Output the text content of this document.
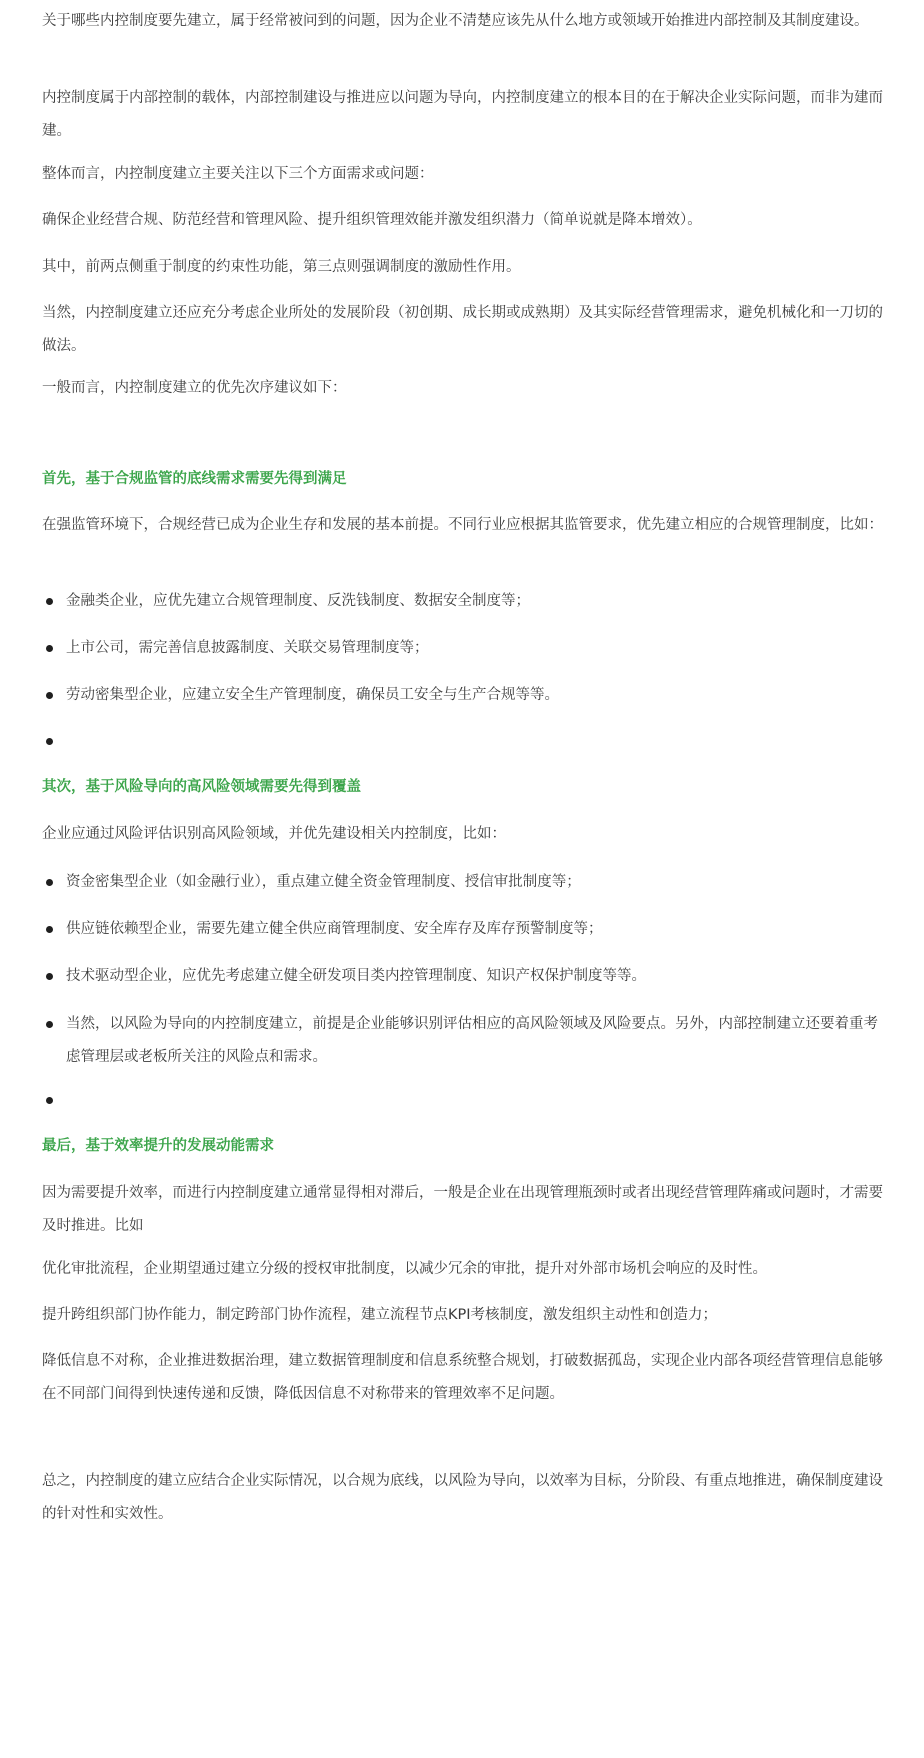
关于哪些内控制度要先建立，属于经常被问到的问题，因为企业不清楚应该先从什么地方或领域开始推进内部控制及其制度建设。

内控制度属于内部控制的载体，内部控制建设与推进应以问题为导向，内控制度建立的根本目的在于解决企业实际问题，而非为建而建。

整体而言，内控制度建立主要关注以下三个方面需求或问题：

确保企业经营合规、防范经营和管理风险、提升组织管理效能并激发组织潜力（简单说就是降本增效）。

其中，前两点侧重于制度的约束性功能，第三点则强调制度的激励性作用。

当然，内控制度建立还应充分考虑企业所处的发展阶段（初创期、成长期或成熟期）及其实际经营管理需求，避免机械化和一刀切的做法。

一般而言，内控制度建立的优先次序建议如下：

首先，基于合规监管的底线需求需要先得到满足

在强监管环境下，合规经营已成为企业生存和发展的基本前提。不同行业应根据其监管要求，优先建立相应的合规管理制度，比如：

金融类企业，应优先建立合规管理制度、反洗钱制度、数据安全制度等；
上市公司，需完善信息披露制度、关联交易管理制度等；
劳动密集型企业，应建立安全生产管理制度，确保员工安全与生产合规等等。

其次，基于风险导向的高风险领域需要先得到覆盖

企业应通过风险评估识别高风险领域，并优先建设相关内控制度，比如：

资金密集型企业（如金融行业），重点建立健全资金管理制度、授信审批制度等；
供应链依赖型企业，需要先建立健全供应商管理制度、安全库存及库存预警制度等；
技术驱动型企业，应优先考虑建立健全研发项目类内控管理制度、知识产权保护制度等等。
当然，以风险为导向的内控制度建立，前提是企业能够识别评估相应的高风险领域及风险要点。另外，内部控制建立还要着重考虑管理层或老板所关注的风险点和需求。

最后，基于效率提升的发展动能需求

因为需要提升效率，而进行内控制度建立通常显得相对滞后，一般是企业在出现管理瓶颈时或者出现经营管理阵痛或问题时，才需要及时推进。比如

优化审批流程，企业期望通过建立分级的授权审批制度，以减少冗余的审批，提升对外部市场机会响应的及时性。

提升跨组织部门协作能力，制定跨部门协作流程，建立流程节点KPI考核制度，激发组织主动性和创造力；

降低信息不对称，企业推进数据治理，建立数据管理制度和信息系统整合规划，打破数据孤岛，实现企业内部各项经营管理信息能够在不同部门间得到快速传递和反馈，降低因信息不对称带来的管理效率不足问题。

总之，内控制度的建立应结合企业实际情况，以合规为底线，以风险为导向，以效率为目标，分阶段、有重点地推进，确保制度建设的针对性和实效性。
